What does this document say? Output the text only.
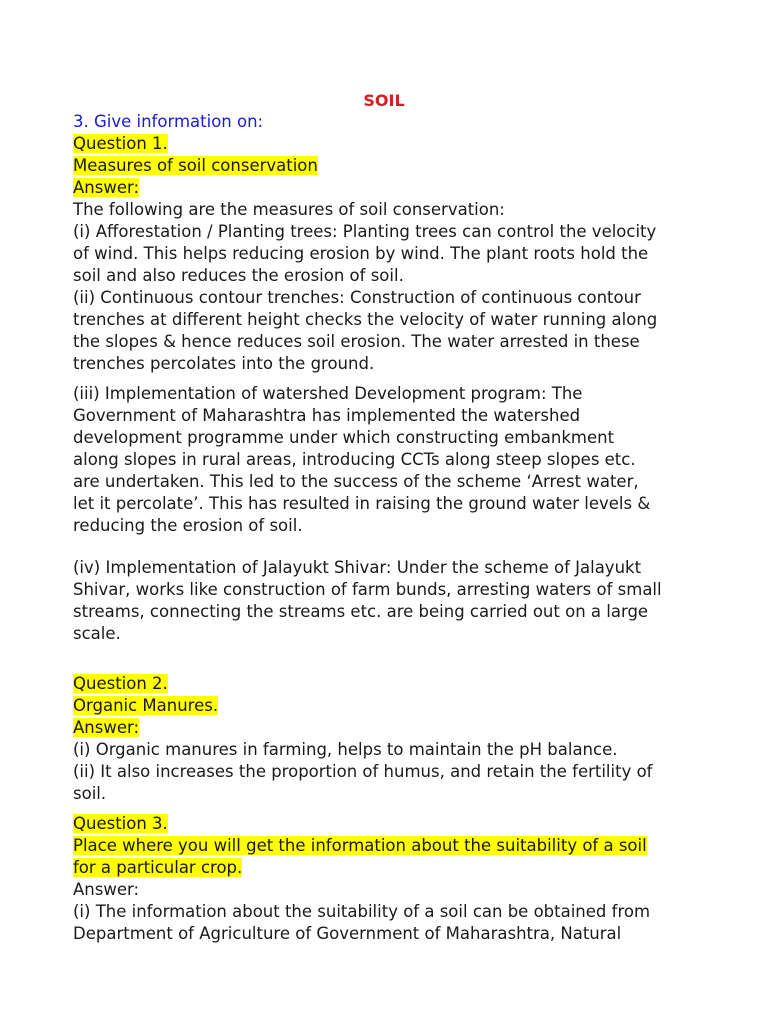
SOIL
3. Give information on:
Question 1.
Measures of soil conservation
Answer:
The following are the measures of soil conservation:
(i) Afforestation / Planting trees: Planting trees can control the velocity
of wind. This helps reducing erosion by wind. The plant roots hold the
soil and also reduces the erosion of soil.
(ii) Continuous contour trenches: Construction of continuous contour
trenches at different height checks the velocity of water running along
the slopes & hence reduces soil erosion. The water arrested in these
trenches percolates into the ground.
(iii) Implementation of watershed Development program: The
Government of Maharashtra has implemented the watershed
development programme under which constructing embankment
along slopes in rural areas, introducing CCTs along steep slopes etc.
are undertaken. This led to the success of the scheme ‘Arrest water,
let it percolate’. This has resulted in raising the ground water levels &
reducing the erosion of soil.
(iv) Implementation of Jalayukt Shivar: Under the scheme of Jalayukt
Shivar, works like construction of farm bunds, arresting waters of small
streams, connecting the streams etc. are being carried out on a large
scale.
Question 2.
Organic Manures.
Answer:
(i) Organic manures in farming, helps to maintain the pH balance.
(ii) It also increases the proportion of humus, and retain the fertility of
soil.
Question 3.
Place where you will get the information about the suitability of a soil
for a particular crop.
Answer:
(i) The information about the suitability of a soil can be obtained from
Department of Agriculture of Government of Maharashtra, Natural
